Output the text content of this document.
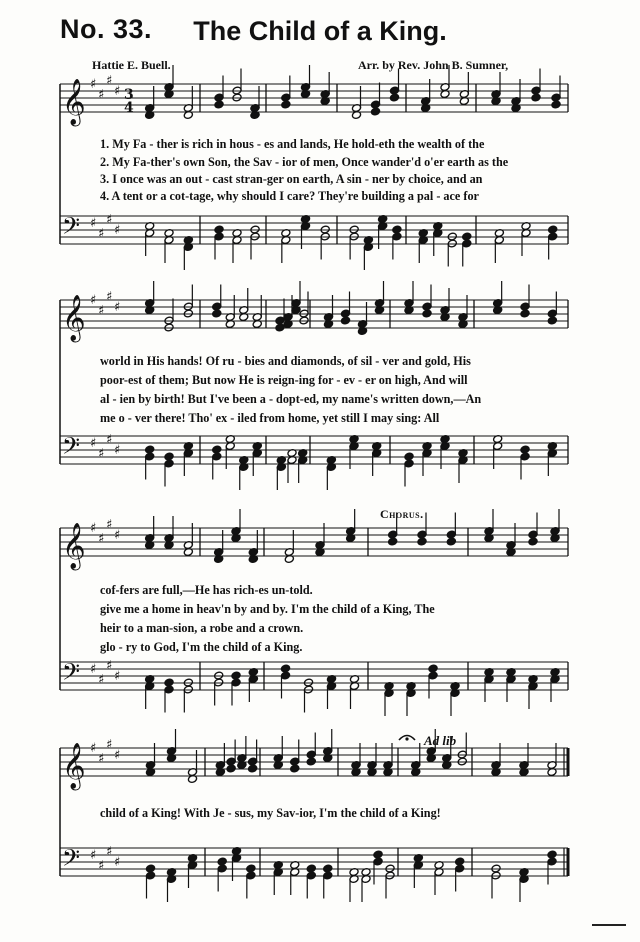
No. 33.	The Child of a King.
Hattie E. Buell.	Arr. by Rev. John B. Sumner,
𝄞 ♯
♯
♯
♯
𝄢 ♯
♯
♯
♯
3
4
𝄞 ♯
♯
♯
♯
𝄢 ♯
♯
♯
♯
𝄞 ♯
♯
♯
♯
𝄢 ♯
♯
♯
♯
𝄞 ♯
♯
♯
♯
𝄢 ♯
♯
♯
♯
1. My Fa - ther is rich in hous - es and lands, He hold-eth the wealth of the
2. My Fa-ther's own Son, the Sav - ior of men, Once wander'd o'er earth as the
3. I once was an out - cast stran-ger on earth, A sin - ner by choice, and an
4. A tent or a cot-tage, why should I care? They're building a pal - ace for
world in His hands! Of ru - bies and diamonds, of sil - ver and gold, His
poor-est of them; But now He is reign-ing for - ev - er on high, And will
al - ien by birth! But I've been a - dopt-ed, my name's written down,—An
me o - ver there! Tho' ex - iled from home, yet still I may sing: All
Chorus.
cof-fers are full,—He has rich-es un-told.
give me a home in heav'n by and by. I'm the child of a King, The
heir to a man-sion, a robe and a crown.
glo - ry to God, I'm the child of a King.
Ad lib
child of a King! With Je - sus, my Sav-ior, I'm the child of a King!
